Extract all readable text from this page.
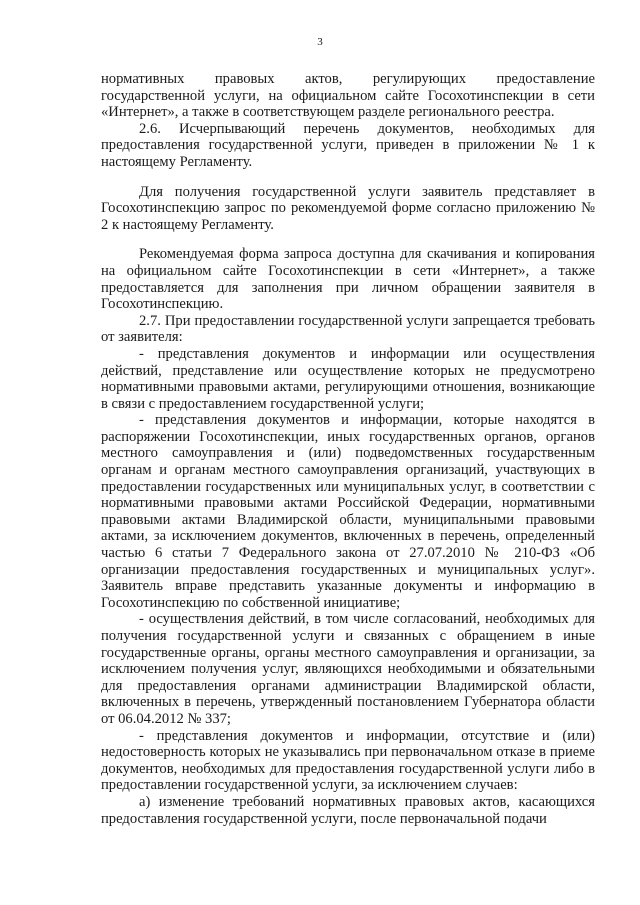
3

нормативных правовых актов, регулирующих предоставление государственной услуги, на официальном сайте Госохотинспекции в сети «Интернет», а также в соответствующем разделе регионального реестра.

2.6. Исчерпывающий перечень документов, необходимых для предоставления государственной услуги, приведен в приложении № 1 к настоящему Регламенту.

Для получения государственной услуги заявитель представляет в Госохотинспекцию запрос по рекомендуемой форме согласно приложению № 2 к настоящему Регламенту.

Рекомендуемая форма запроса доступна для скачивания и копирования на официальном сайте Госохотинспекции в сети «Интернет», а также предоставляется для заполнения при личном обращении заявителя в Госохотинспекцию.

2.7. При предоставлении государственной услуги запрещается требовать от заявителя:

- представления документов и информации или осуществления действий, представление или осуществление которых не предусмотрено нормативными правовыми актами, регулирующими отношения, возникающие в связи с предоставлением государственной услуги;

- представления документов и информации, которые находятся в распоряжении Госохотинспекции, иных государственных органов, органов местного самоуправления и (или) подведомственных государственным органам и органам местного самоуправления организаций, участвующих в предоставлении государственных или муниципальных услуг, в соответствии с нормативными правовыми актами Российской Федерации, нормативными правовыми актами Владимирской области, муниципальными правовыми актами, за исключением документов, включенных в перечень, определенный частью 6 статьи 7 Федерального закона от 27.07.2010 № 210-ФЗ «Об организации предоставления государственных и муниципальных услуг». Заявитель вправе представить указанные документы и информацию в Госохотинспекцию по собственной инициативе;

- осуществления действий, в том числе согласований, необходимых для получения государственной услуги и связанных с обращением в иные государственные органы, органы местного самоуправления и организации, за исключением получения услуг, являющихся необходимыми и обязательными для предоставления органами администрации Владимирской области, включенных в перечень, утвержденный постановлением Губернатора области от 06.04.2012 № 337;

- представления документов и информации, отсутствие и (или) недостоверность которых не указывались при первоначальном отказе в приеме документов, необходимых для предоставления государственной услуги либо в предоставлении государственной услуги, за исключением случаев:

а) изменение требований нормативных правовых актов, касающихся предоставления государственной услуги, после первоначальной подачи
